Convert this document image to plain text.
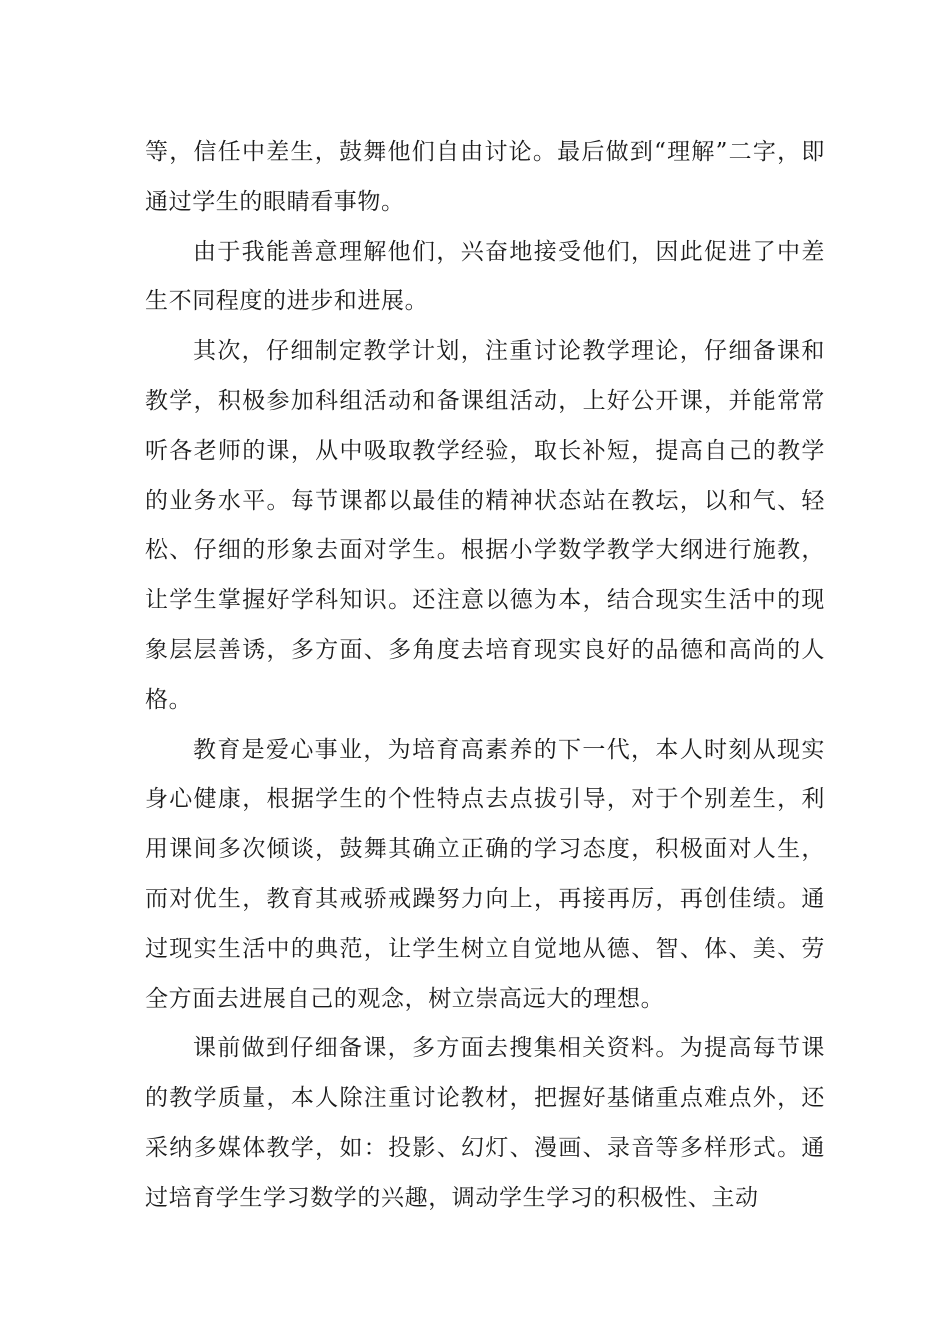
等，信任中差生，鼓舞他们自由讨论。最后做到“理解”二字，即通过学生的眼睛看事物。

由于我能善意理解他们，兴奋地接受他们，因此促进了中差生不同程度的进步和进展。

其次，仔细制定教学计划，注重讨论教学理论，仔细备课和教学，积极参加科组活动和备课组活动，上好公开课，并能常常听各老师的课，从中吸取教学经验，取长补短，提高自己的教学的业务水平。每节课都以最佳的精神状态站在教坛，以和气、轻松、仔细的形象去面对学生。根据小学数学教学大纲进行施教，让学生掌握好学科知识。还注意以德为本，结合现实生活中的现象层层善诱，多方面、多角度去培育现实良好的品德和高尚的人格。

教育是爱心事业，为培育高素养的下一代，本人时刻从现实身心健康，根据学生的个性特点去点拔引导，对于个别差生，利用课间多次倾谈，鼓舞其确立正确的学习态度，积极面对人生，而对优生，教育其戒骄戒躁努力向上，再接再厉，再创佳绩。通过现实生活中的典范，让学生树立自觉地从德、智、体、美、劳全方面去进展自己的观念，树立崇高远大的理想。

课前做到仔细备课，多方面去搜集相关资料。为提高每节课的教学质量，本人除注重讨论教材，把握好基储重点难点外，还采纳多媒体教学，如：投影、幻灯、漫画、录音等多样形式。通过培育学生学习数学的兴趣，调动学生学习的积极性、主动
